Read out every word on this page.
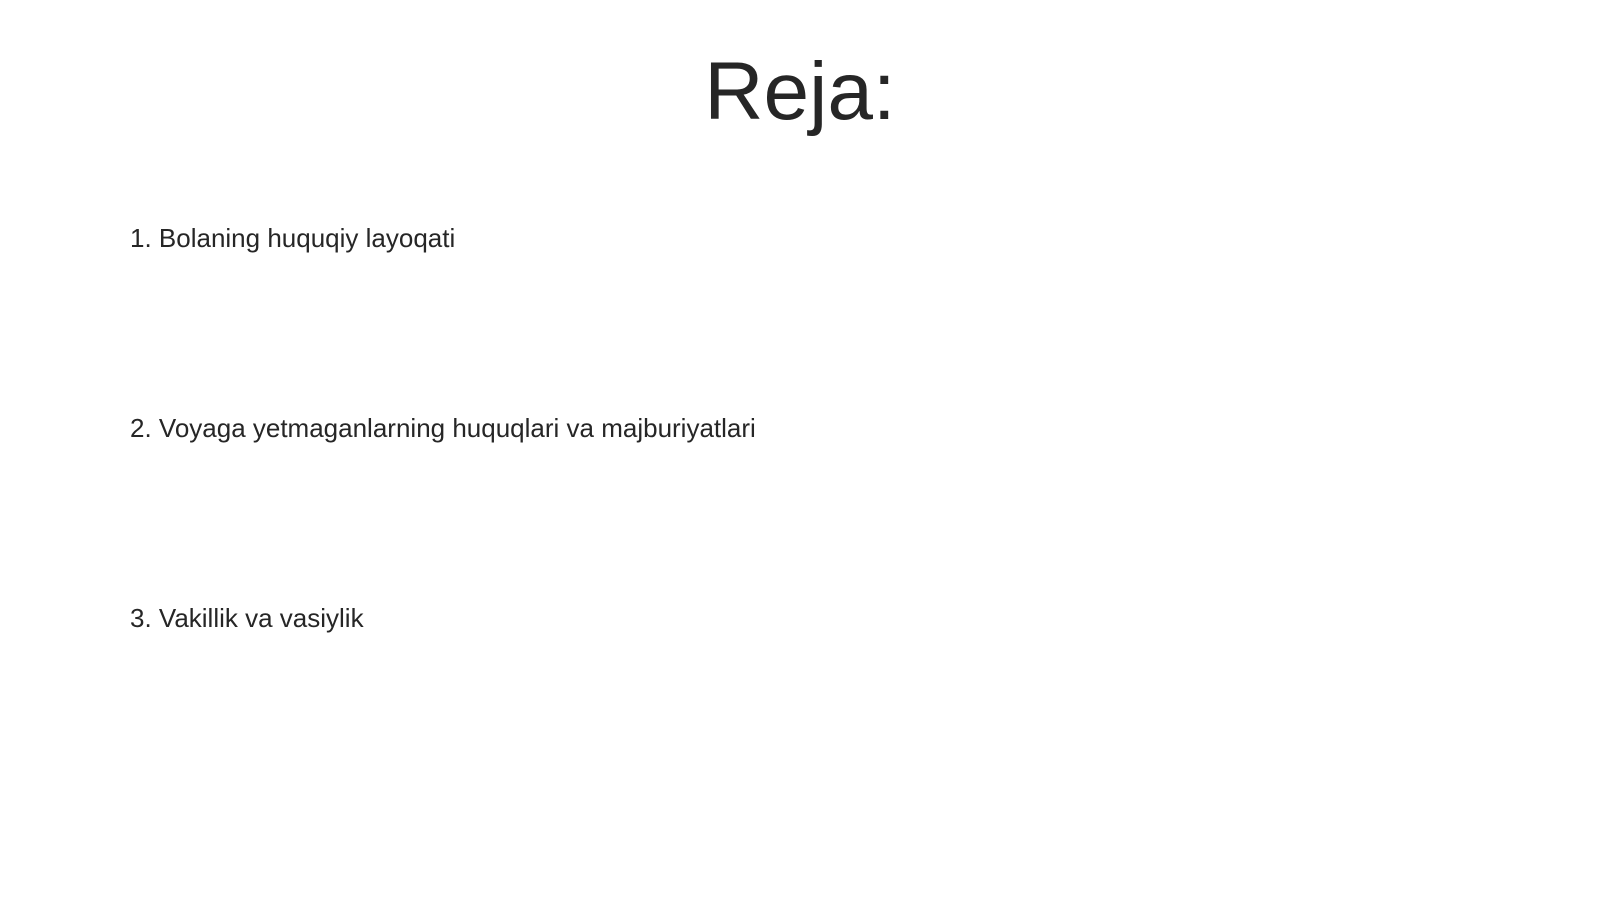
Reja:
1. Bolaning huquqiy layoqati
2. Voyaga yetmaganlarning huquqlari va majburiyatlari
3. Vakillik va vasiylik
